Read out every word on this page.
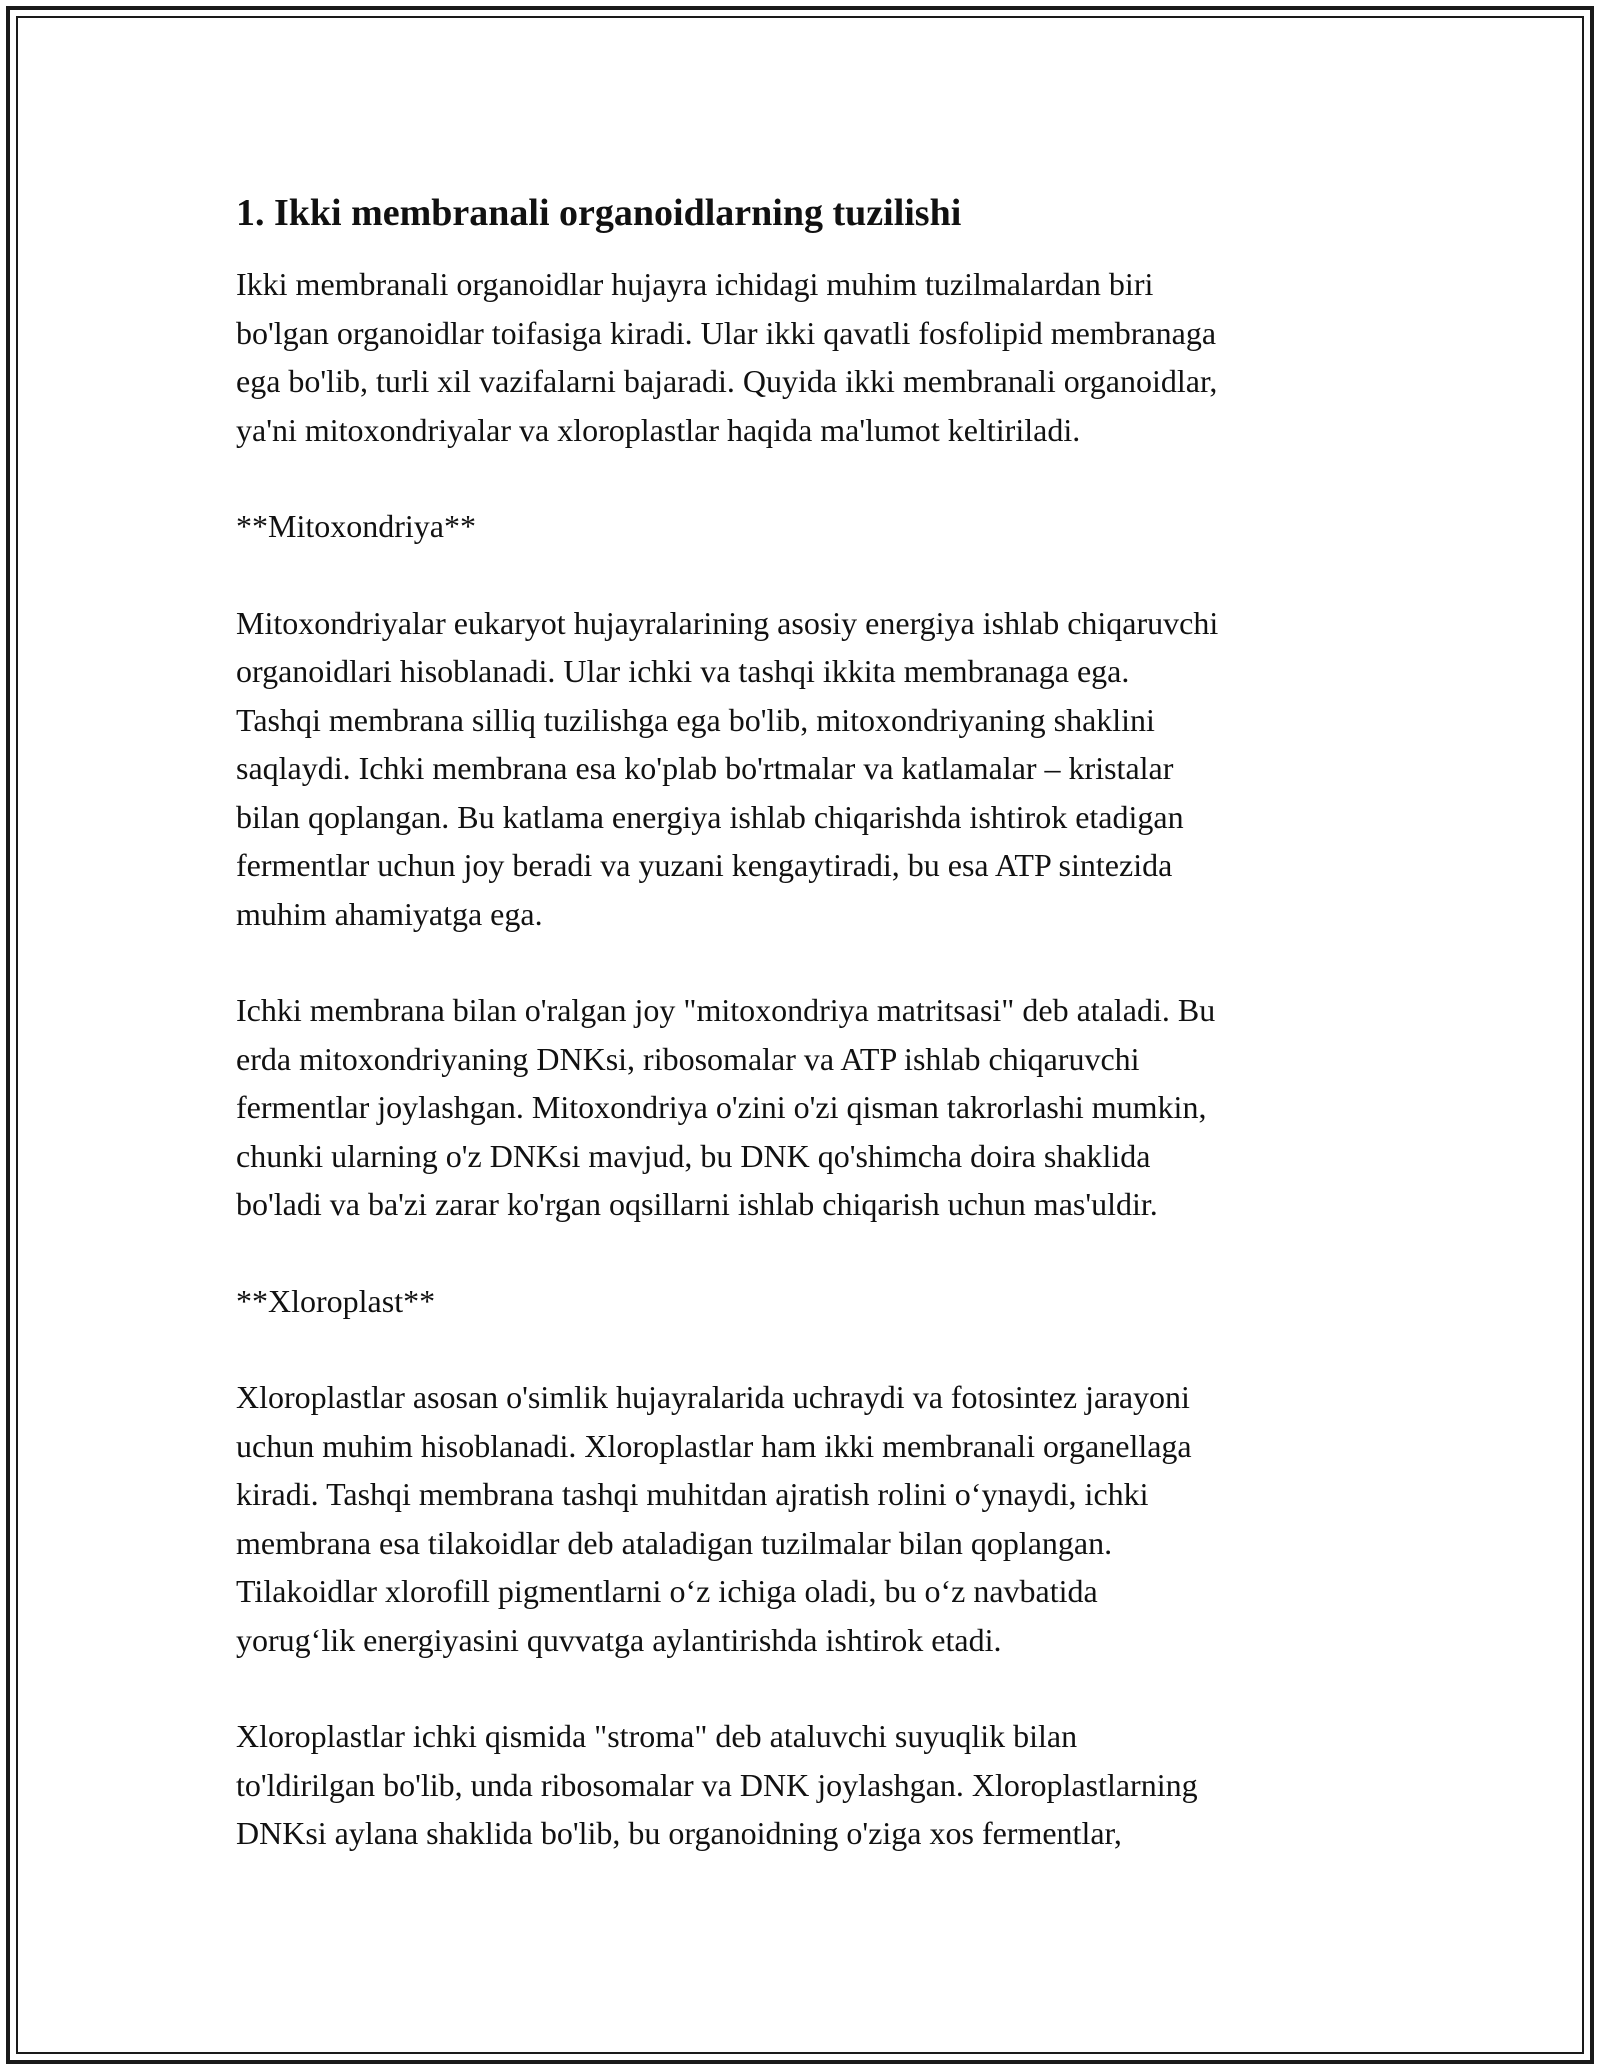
1. Ikki membranali organoidlarning tuzilishi
Ikki membranali organoidlar hujayra ichidagi muhim tuzilmalardan biri
bo'lgan organoidlar toifasiga kiradi. Ular ikki qavatli fosfolipid membranaga
ega bo'lib, turli xil vazifalarni bajaradi. Quyida ikki membranali organoidlar,
ya'ni mitoxondriyalar va xloroplastlar haqida ma'lumot keltiriladi.
**Mitoxondriya**
Mitoxondriyalar eukaryot hujayralarining asosiy energiya ishlab chiqaruvchi
organoidlari hisoblanadi. Ular ichki va tashqi ikkita membranaga ega.
Tashqi membrana silliq tuzilishga ega bo'lib, mitoxondriyaning shaklini
saqlaydi. Ichki membrana esa ko'plab bo'rtmalar va katlamalar – kristalar
bilan qoplangan. Bu katlama energiya ishlab chiqarishda ishtirok etadigan
fermentlar uchun joy beradi va yuzani kengaytiradi, bu esa ATP sintezida
muhim ahamiyatga ega.
Ichki membrana bilan o'ralgan joy "mitoxondriya matritsasi" deb ataladi. Bu
erda mitoxondriyaning DNKsi, ribosomalar va ATP ishlab chiqaruvchi
fermentlar joylashgan. Mitoxondriya o'zini o'zi qisman takrorlashi mumkin,
chunki ularning o'z DNKsi mavjud, bu DNK qo'shimcha doira shaklida
bo'ladi va ba'zi zarar ko'rgan oqsillarni ishlab chiqarish uchun mas'uldir.
**Xloroplast**
Xloroplastlar asosan o'simlik hujayralarida uchraydi va fotosintez jarayoni
uchun muhim hisoblanadi. Xloroplastlar ham ikki membranali organellaga
kiradi. Tashqi membrana tashqi muhitdan ajratish rolini o‘ynaydi, ichki
membrana esa tilakoidlar deb ataladigan tuzilmalar bilan qoplangan.
Tilakoidlar xlorofill pigmentlarni o‘z ichiga oladi, bu o‘z navbatida
yorug‘lik energiyasini quvvatga aylantirishda ishtirok etadi.
Xloroplastlar ichki qismida "stroma" deb ataluvchi suyuqlik bilan
to'ldirilgan bo'lib, unda ribosomalar va DNK joylashgan. Xloroplastlarning
DNKsi aylana shaklida bo'lib, bu organoidning o'ziga xos fermentlar,
